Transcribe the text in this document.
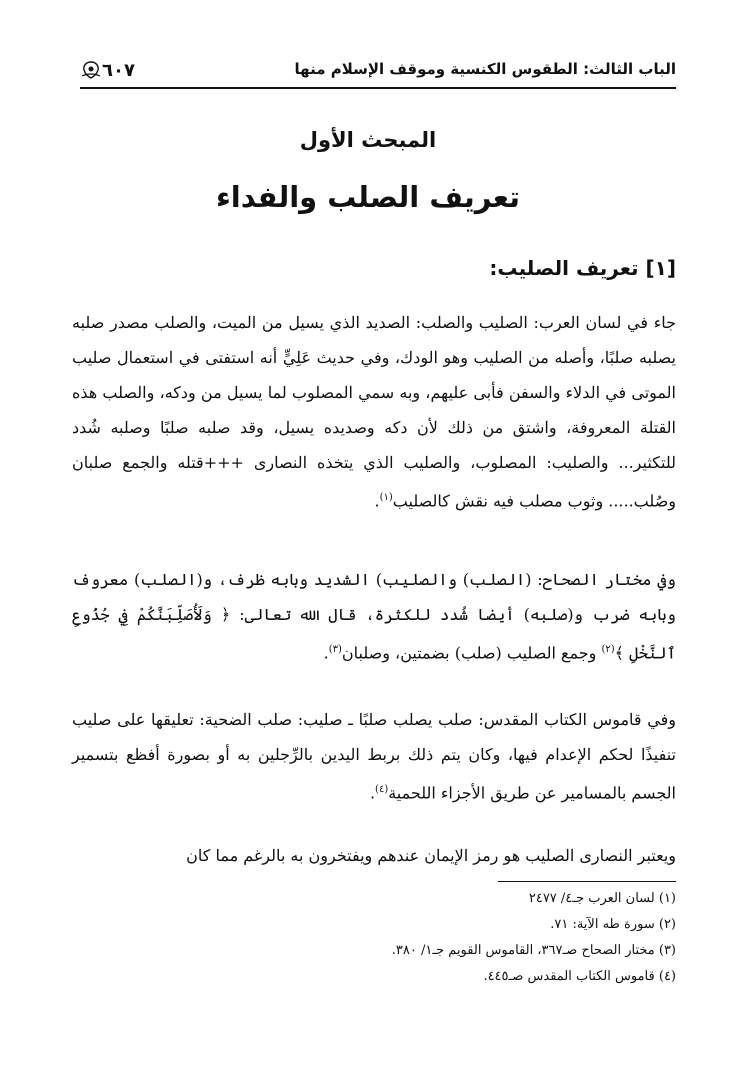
الباب الثالث: الطقوس الكنسية وموقف الإسلام منها
٦٠٧
المبحث الأول
تعريف الصلب والفداء
[١] تعريف الصليب:

جاء في لسان العرب: الصليب والصلب: الصديد الذي يسيل من الميت، والصلب مصدر صلبه يصلبه صلبًا، وأصله من الصليب وهو الودك، وفي حديث عَلِيٍّ أنه استفتى في استعمال صليب الموتى في الدلاء والسفن فأبى عليهم، وبه سمي المصلوب لما يسيل من ودكه، والصلب هذه القتلة المعروفة، واشتق من ذلك لأن دكه وصديده يسيل، وقد صلبه صلبًا وصلبه شُدد للتكثير... والصليب: المصلوب، والصليب الذي يتخذه النصارى +++قتله والجمع صلبان وصُلب..... وثوب مصلب فيه نقش كالصليب$^{(١)}$.

وفي مختار الصحاح: (الصلب) والصليب) الشديد وبابه ظرف، و(الصلب) معروف وبابه ضرب و(صلبه) أيضا شُدد للكثرة، قال الله تعالى: ﴿ وَلَأُصَلِّبَنَّكُمْ فِي جُذُوعِ ٱلنَّخْلِ ﴾$^{(٢)}$ وجمع الصليب (صلب) بضمتين، وصلبان$^{(٣)}$.

وفي قاموس الكتاب المقدس: صلب يصلب صلبًا ـ صليب: صلب الضحية: تعليقها على صليب تنفيذًا لحكم الإعدام فيها، وكان يتم ذلك بربط اليدين بالرِّجلين به أو بصورة أفظع بتسمير الجسم بالمسامير عن طريق الأجزاء اللحمية$^{(٤)}$.

ويعتبر النصارى الصليب هو رمز الإيمان عندهم ويفتخرون به بالرغم مما كان

(١) لسان العرب جـ٤/ ٢٤٧٧
(٢) سورة طه الآية: ٧١.
(٣) مختار الصحاح صـ٣٦٧، القاموس القويم جـ١/ ٣٨٠.
(٤) قاموس الكتاب المقدس صـ٤٤٥.
